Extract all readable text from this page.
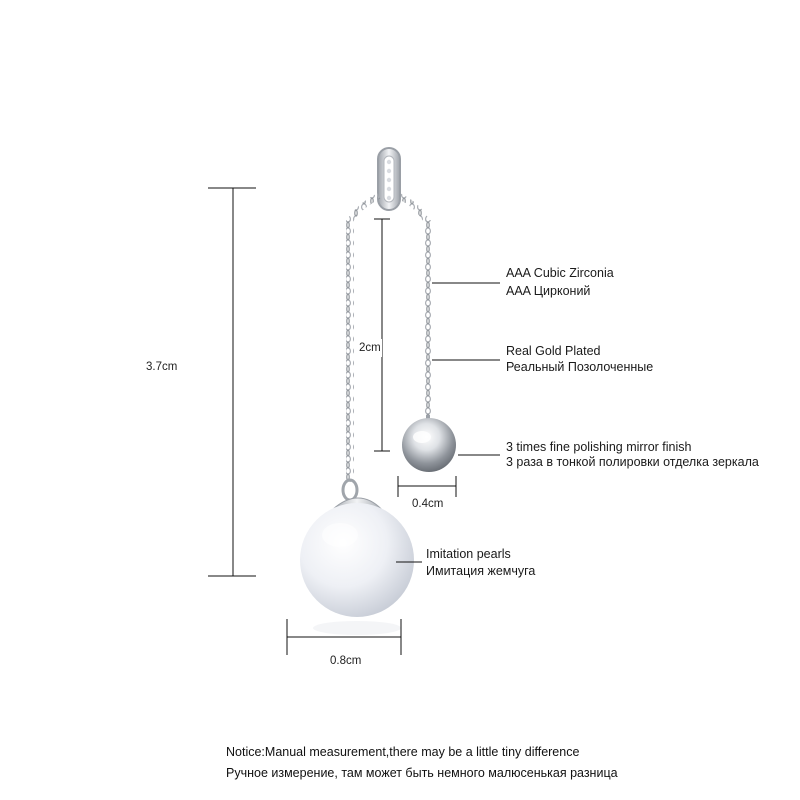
3.7cm
2cm
0.4cm
0.8cm
AAA Cubic Zirconia
AAA Цирконий
Real Gold Plated
Реальный Позолоченные
3 times fine polishing mirror finish
3 раза в тонкой полировки отделка зеркала
Imitation pearls
Имитация жемчуга
Notice:Manual measurement,there may be a little tiny difference
Ручное измерение, там может быть немного малюсенькая разница
